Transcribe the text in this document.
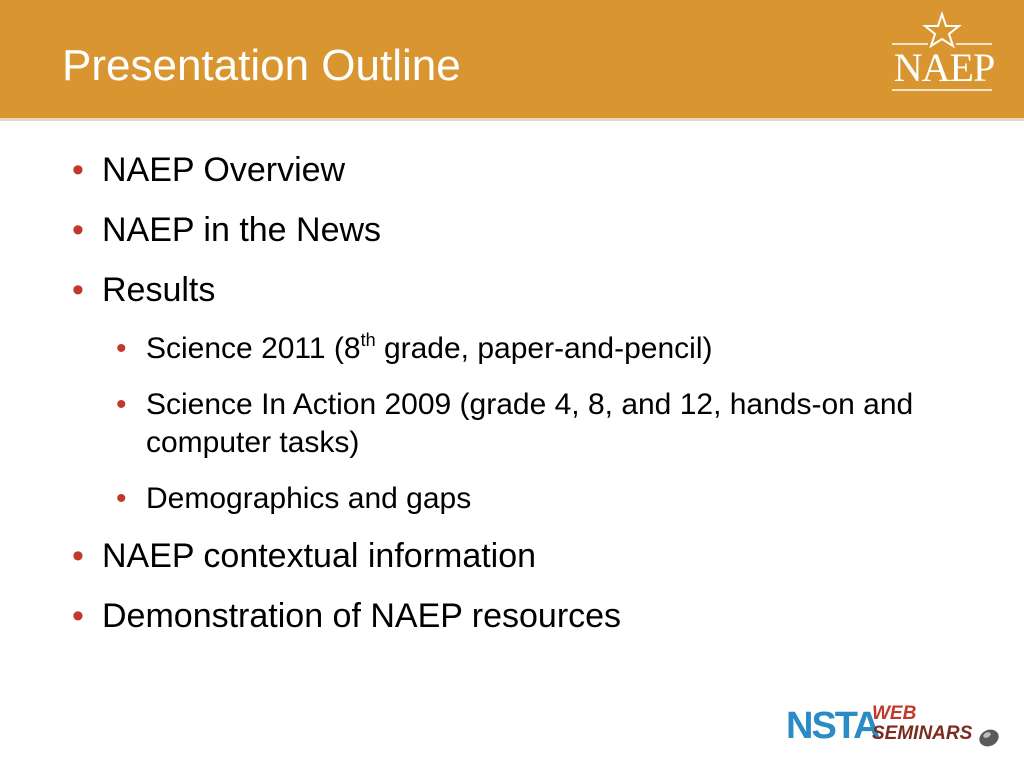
Presentation Outline	NAEP
• NAEP Overview
• NAEP in the News
• Results
• Science 2011 (8th grade, paper-and-pencil)
• Science In Action 2009 (grade 4, 8, and 12, hands-on and computer tasks)
• Demographics and gaps
• NAEP contextual information
• Demonstration of NAEP resources
NSTA
WEB
SEMINARS
